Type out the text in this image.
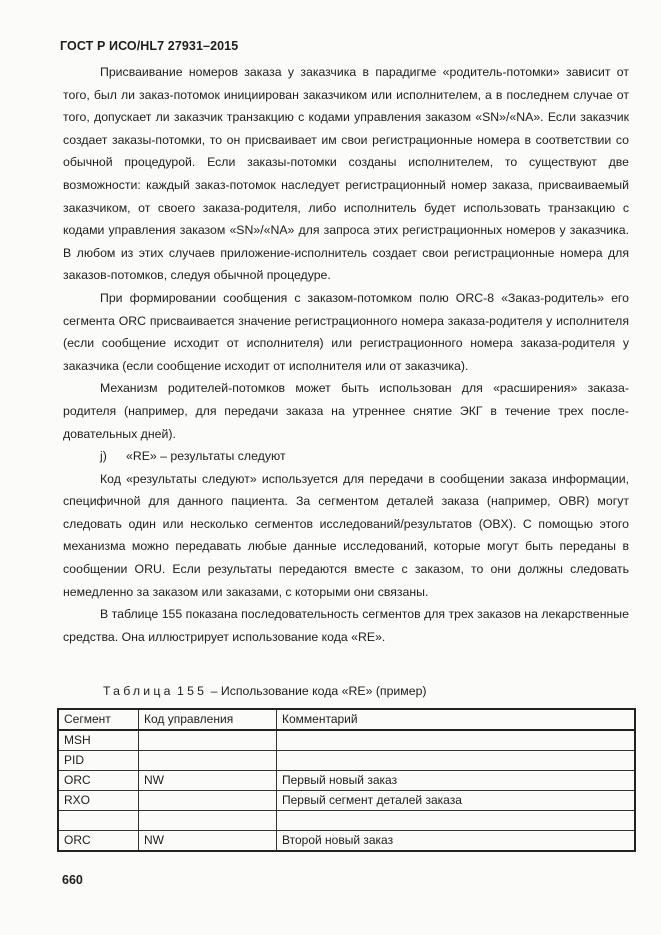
ГОСТ Р ИСО/HL7 27931–2015

Присваивание номеров заказа у заказчика в парадигме «родитель-потомки» зависит от того, был ли заказ-потомок инициирован заказчиком или исполнителем, а в последнем случае от того, допускает ли заказчик транзакцию с кодами управления заказом «SN»/«NA». Если заказчик создает заказы-потомки, то он присваивает им свои регистрационные номера в соответствии со обычной процедурой. Если заказы-потомки созданы исполнителем, то существуют две возможности: каждый заказ-потомок наследует регистрационный номер заказа, присваиваемый заказчиком, от своего заказа-родителя, либо исполнитель будет использовать транзакцию с кодами управления заказом «SN»/«NA» для запроса этих регистрационных номеров у заказчика. В любом из этих случаев приложение-исполнитель создает свои регистрационные номера для заказов-потомков, следуя обычной процедуре.

При формировании сообщения с заказом-потомком полю ORC-8 «Заказ-родитель» его сегмента ORC присваивается значение регистрационного номера заказа-родителя у исполнителя (если сообщение исходит от исполнителя) или регистрационного номера заказа-родителя у заказчика (если сообщение исходит от исполнителя или от заказчика).

Механизм родителей-потомков может быть использован для «расширения» заказа-родителя (например, для передачи заказа на утреннее снятие ЭКГ в течение трех последовательных дней).

j) «RE» – результаты следуют

Код «результаты следуют» используется для передачи в сообщении заказа информации, специфичной для данного пациента. За сегментом деталей заказа (например, OBR) могут следовать один или несколько сегментов исследований/результатов (OBX). С помощью этого механизма можно передавать любые данные исследований, которые могут быть переданы в сообщении ORU. Если результаты передаются вместе с заказом, то они должны следовать немедленно за заказом или заказами, с которыми они связаны.

В таблице 155 показана последовательность сегментов для трех заказов на лекарственные средства. Она иллюстрирует использование кода «RE».

Таблица 155 – Использование кода «RE» (пример)
Сегмент	Код управления	Комментарий
MSH		
PID		
ORC	NW	Первый новый заказ
RXO		Первый сегмент деталей заказа

ORC	NW	Второй новый заказ
660
